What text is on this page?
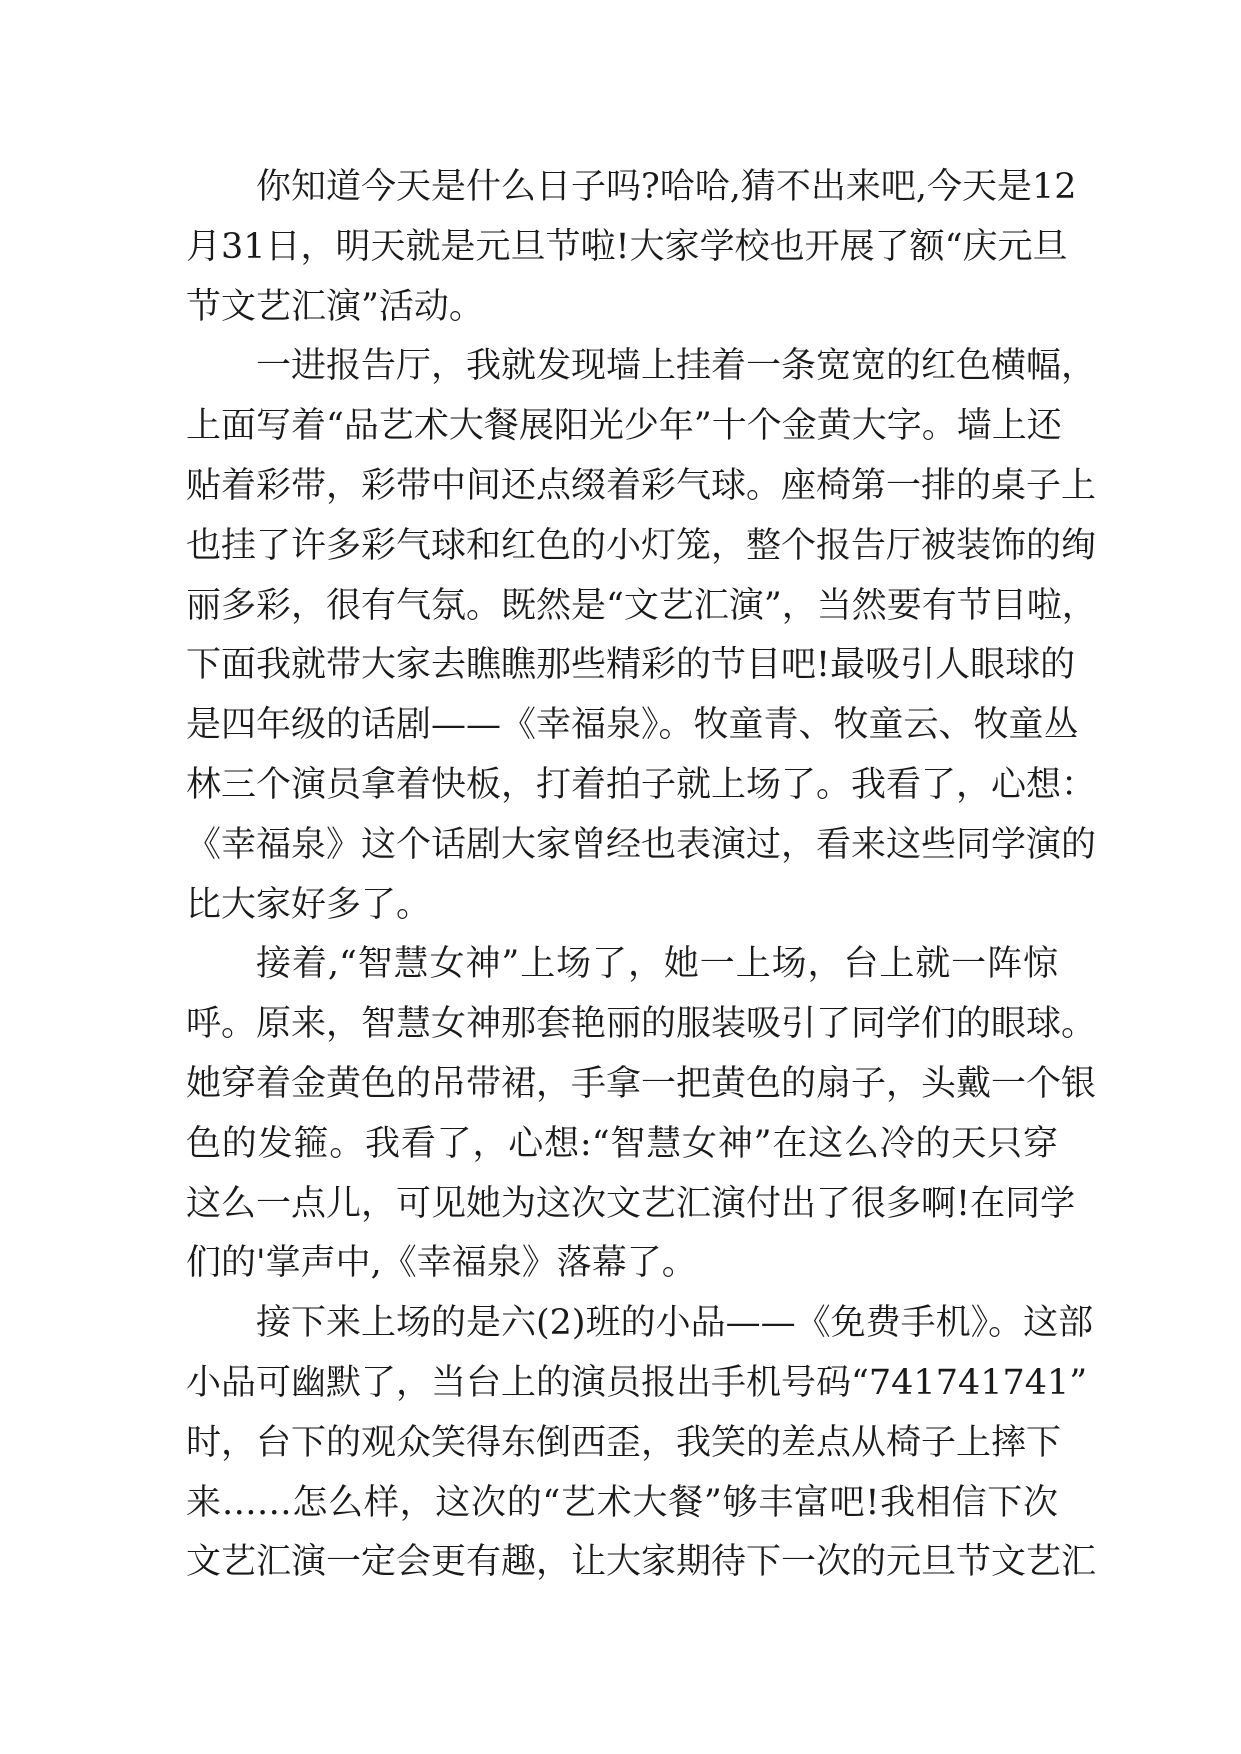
你知道今天是什么日子吗?哈哈,猜不出来吧,今天是12
月31日，明天就是元旦节啦!大家学校也开展了额“庆元旦
节文艺汇演”活动。
一进报告厅，我就发现墙上挂着一条宽宽的红色横幅，
上面写着“品艺术大餐展阳光少年”十个金黄大字。墙上还
贴着彩带，彩带中间还点缀着彩气球。座椅第一排的桌子上
也挂了许多彩气球和红色的小灯笼，整个报告厅被装饰的绚
丽多彩，很有气氛。既然是“文艺汇演”，当然要有节目啦，
下面我就带大家去瞧瞧那些精彩的节目吧!最吸引人眼球的
是四年级的话剧——《幸福泉》。牧童青、牧童云、牧童丛
林三个演员拿着快板，打着拍子就上场了。我看了，心想：
《幸福泉》这个话剧大家曾经也表演过，看来这些同学演的
比大家好多了。
接着,“智慧女神”上场了，她一上场，台上就一阵惊
呼。原来，智慧女神那套艳丽的服装吸引了同学们的眼球。
她穿着金黄色的吊带裙，手拿一把黄色的扇子，头戴一个银
色的发箍。我看了，心想:“智慧女神”在这么冷的天只穿
这么一点儿，可见她为这次文艺汇演付出了很多啊!在同学
们的'掌声中,《幸福泉》落幕了。
接下来上场的是六(2)班的小品——《免费手机》。这部
小品可幽默了，当台上的演员报出手机号码“741741741”
时，台下的观众笑得东倒西歪，我笑的差点从椅子上摔下
来……怎么样，这次的“艺术大餐”够丰富吧!我相信下次
文艺汇演一定会更有趣，让大家期待下一次的元旦节文艺汇
